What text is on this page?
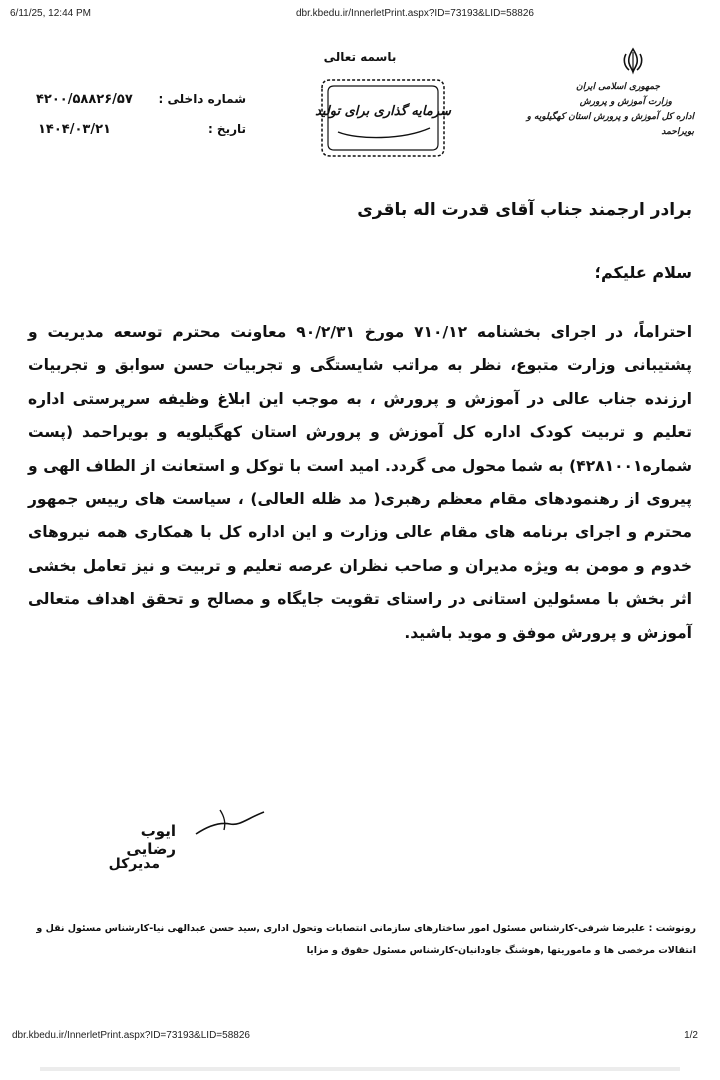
6/11/25, 12:44 PM	dbr.kbedu.ir/InnerletPrint.aspx?ID=73193&LID=58826
جمهوری اسلامی ایران
وزارت آموزش و پرورش
اداره کل آموزش و پرورش استان کهگیلویه و بویراحمد
باسمه تعالی
سرمایه گذاری برای تولید
شماره داخلی :
۴۲۰۰/۵۸۸۲۶/۵۷
تاریخ :
۱۴۰۴/۰۳/۲۱
برادر ارجمند جناب آقای قدرت اله باقری
سلام علیکم؛
احتراماً، در اجرای بخشنامه ۷۱۰/۱۲ مورخ ۹۰/۲/۳۱ معاونت محترم توسعه مدیریت و پشتیبانی وزارت متبوع، نظر به مراتب شایستگی و تجربیات حسن سوابق و تجربیات ارزنده جناب عالی در آموزش و پرورش ، به موجب این ابلاغ وظیفه سرپرستی اداره تعلیم و تربیت کودک اداره کل آموزش و پرورش استان کهگیلویه و بویراحمد (پست شماره۴۲۸۱۰۰۱) به شما محول می گردد. امید است با توکل و استعانت از الطاف الهی و پیروی از رهنمودهای مقام معظم رهبری( مد ظله العالی) ، سیاست های رییس جمهور محترم و اجرای برنامه های مقام عالی وزارت و این اداره کل با همکاری همه نیروهای خدوم و مومن به ویژه مدیران و صاحب نظران عرصه تعلیم و تربیت و نیز تعامل بخشی اثر بخش با مسئولین استانی در راستای تقویت جایگاه و مصالح و تحقق اهداف متعالی آموزش و پرورش موفق و موید باشید.
ایوب رضایی
مدیرکل
رونوشت : علیرضا شرفی-کارشناس مسئول امور ساختارهای سازمانی انتصابات وتحول اداری ,سید حسن عبدالهی نیا-کارشناس مسئول نقل و انتقالات مرخصی ها و ماموریتها ,هوشنگ جاودانیان-کارشناس مسئول حقوق و مزایا
dbr.kbedu.ir/InnerletPrint.aspx?ID=73193&LID=58826	1/2
